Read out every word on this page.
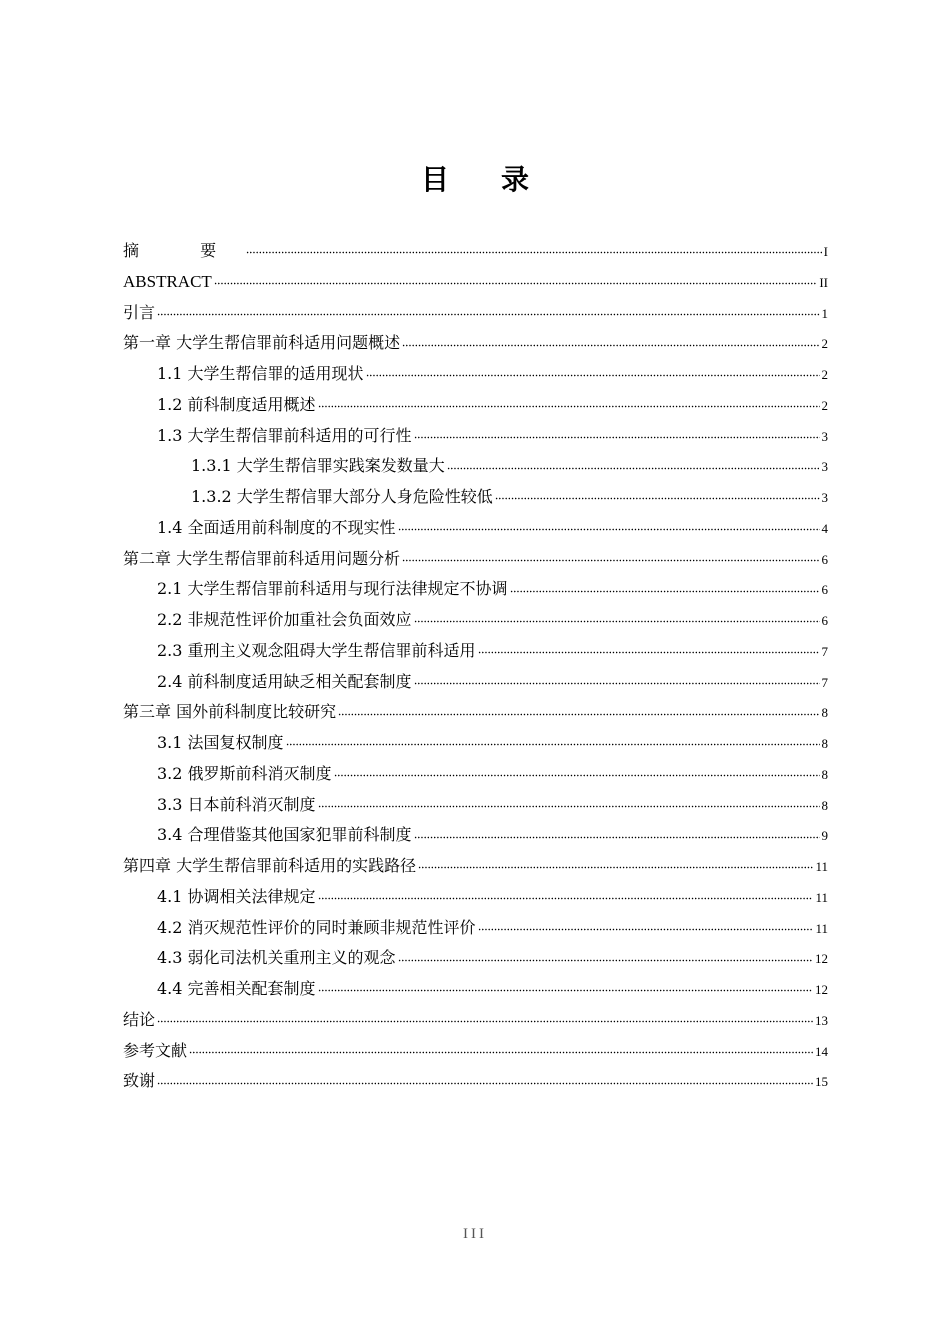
目录
摘 要	I
ABSTRACT	II
引言	1
第一章 大学生帮信罪前科适用问题概述	2
1.1 大学生帮信罪的适用现状	2
1.2 前科制度适用概述	2
1.3 大学生帮信罪前科适用的可行性	3
1.3.1 大学生帮信罪实践案发数量大	3
1.3.2 大学生帮信罪大部分人身危险性较低	3
1.4 全面适用前科制度的不现实性	4
第二章 大学生帮信罪前科适用问题分析	6
2.1 大学生帮信罪前科适用与现行法律规定不协调	6
2.2 非规范性评价加重社会负面效应	6
2.3 重刑主义观念阻碍大学生帮信罪前科适用	7
2.4 前科制度适用缺乏相关配套制度	7
第三章 国外前科制度比较研究	8
3.1 法国复权制度	8
3.2 俄罗斯前科消灭制度	8
3.3 日本前科消灭制度	8
3.4 合理借鉴其他国家犯罪前科制度	9
第四章 大学生帮信罪前科适用的实践路径	11
4.1 协调相关法律规定	11
4.2 消灭规范性评价的同时兼顾非规范性评价	11
4.3 弱化司法机关重刑主义的观念	12
4.4 完善相关配套制度	12
结论	13
参考文献	14
致谢	15
III
